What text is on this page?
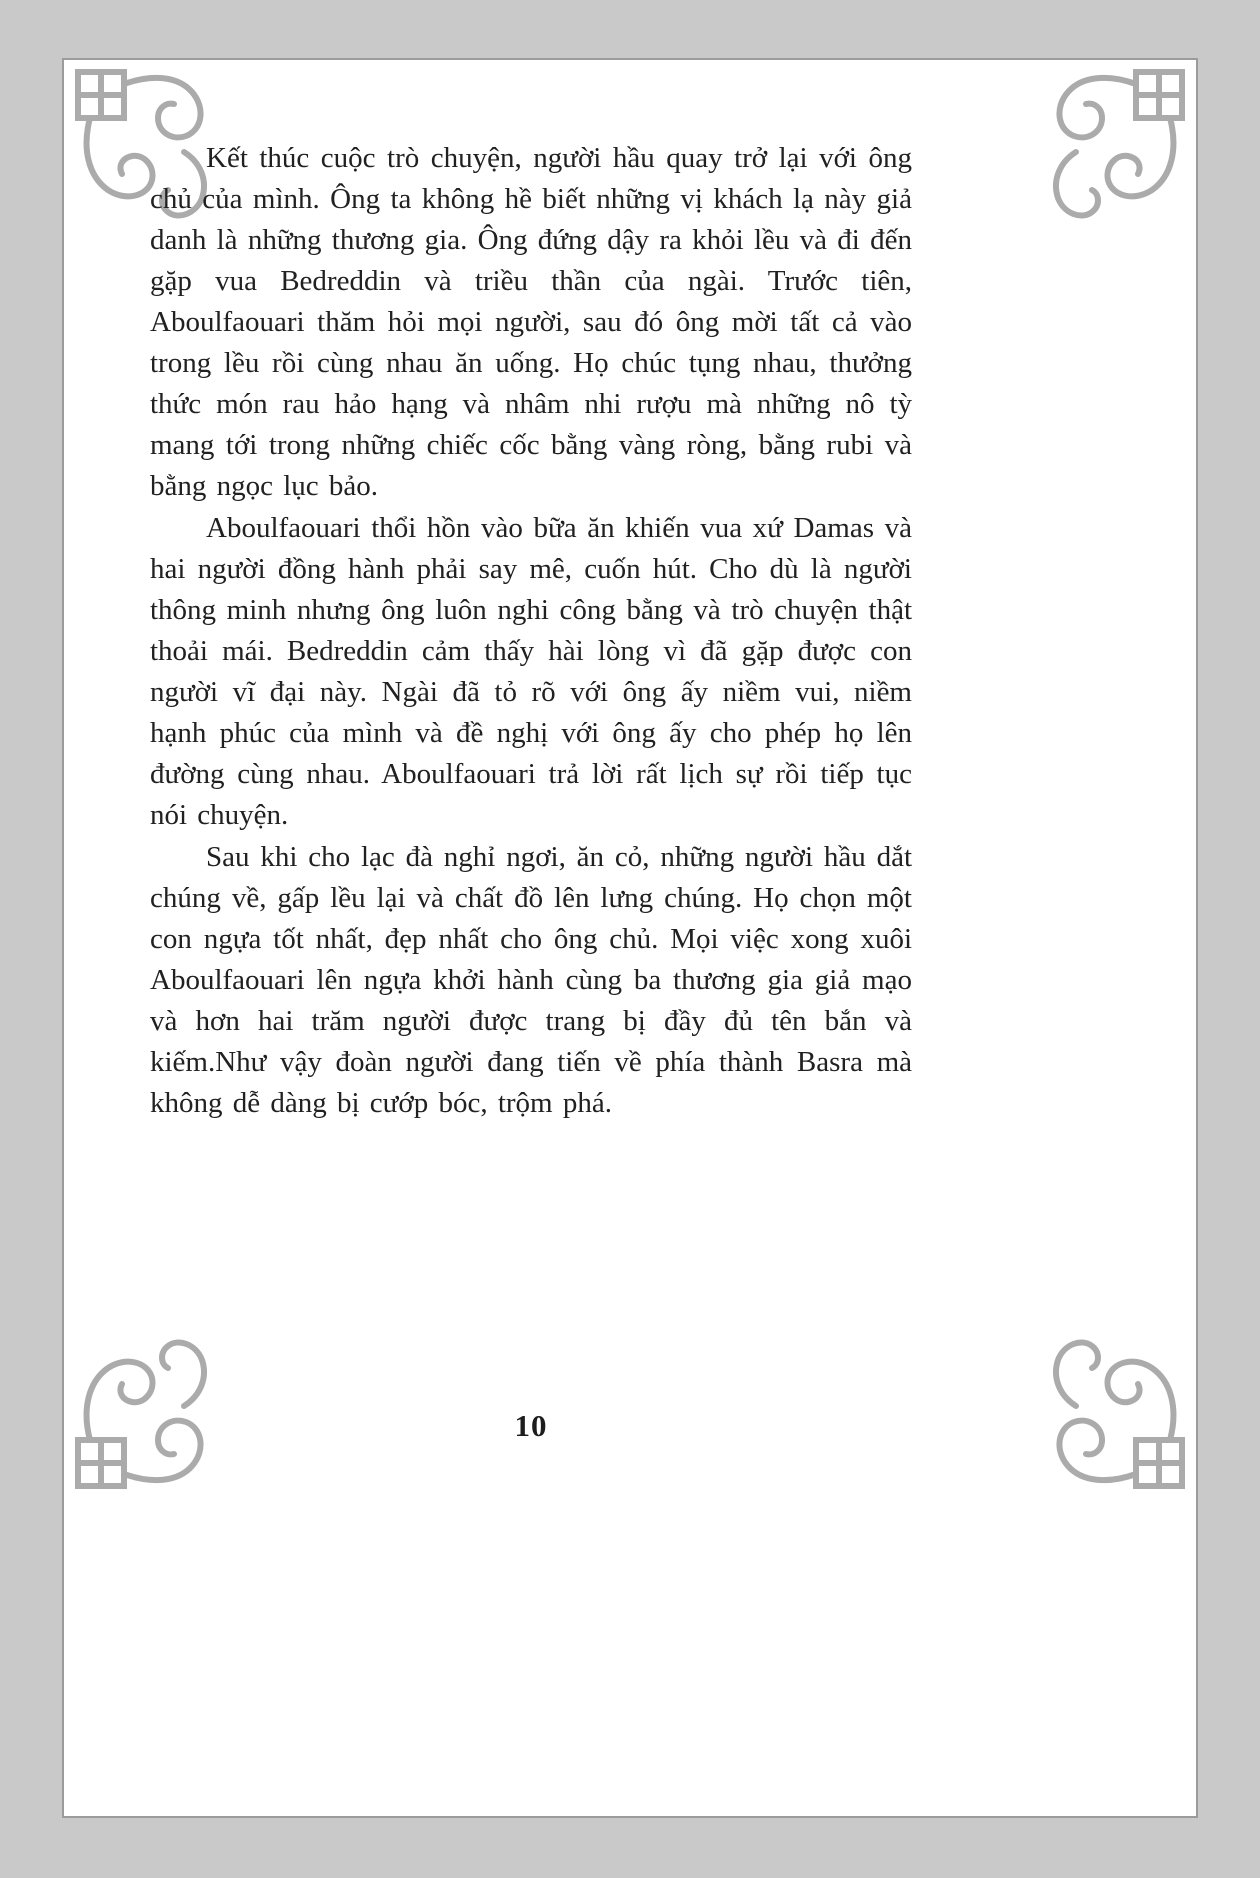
Kết thúc cuộc trò chuyện, người hầu quay trở lại với ông chủ của mình. Ông ta không hề biết những vị khách lạ này giả danh là những thương gia. Ông đứng dậy ra khỏi lều và đi đến gặp vua Bedreddin và triều thần của ngài. Trước tiên, Aboulfaouari thăm hỏi mọi người, sau đó ông mời tất cả vào trong lều rồi cùng nhau ăn uống. Họ chúc tụng nhau, thưởng thức món rau hảo hạng và nhâm nhi rượu mà những nô tỳ mang tới trong những chiếc cốc bằng vàng ròng, bằng rubi và bằng ngọc lục bảo.

Aboulfaouari thổi hồn vào bữa ăn khiến vua xứ Damas và hai người đồng hành phải say mê, cuốn hút. Cho dù là người thông minh nhưng ông luôn nghi công bằng và trò chuyện thật thoải mái. Bedreddin cảm thấy hài lòng vì đã gặp được con người vĩ đại này. Ngài đã tỏ rõ với ông ấy niềm vui, niềm hạnh phúc của mình và đề nghị với ông ấy cho phép họ lên đường cùng nhau. Aboulfaouari trả lời rất lịch sự rồi tiếp tục nói chuyện.

Sau khi cho lạc đà nghỉ ngơi, ăn cỏ, những người hầu dắt chúng về, gấp lều lại và chất đồ lên lưng chúng. Họ chọn một con ngựa tốt nhất, đẹp nhất cho ông chủ. Mọi việc xong xuôi Aboulfaouari lên ngựa khởi hành cùng ba thương gia giả mạo và hơn hai trăm người được trang bị đầy đủ tên bắn và kiếm.Như vậy đoàn người đang tiến về phía thành Basra mà không dễ dàng bị cướp bóc, trộm phá.

10
